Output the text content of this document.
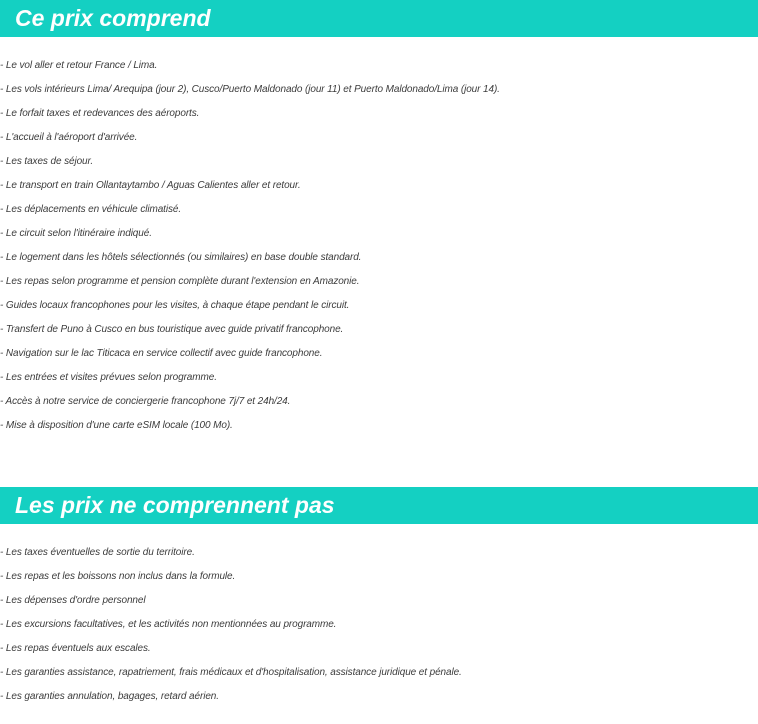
Ce prix comprend
- Le vol aller et retour France / Lima.
- Les vols intérieurs Lima/ Arequipa (jour 2), Cusco/Puerto Maldonado (jour 11) et Puerto Maldonado/Lima (jour 14).
- Le forfait taxes et redevances des aéroports.
- L'accueil à l'aéroport d'arrivée.
- Les taxes de séjour.
- Le transport en train Ollantaytambo / Aguas Calientes aller et retour.
- Les déplacements en véhicule climatisé.
- Le circuit selon l'itinéraire indiqué.
- Le logement dans les hôtels sélectionnés (ou similaires) en base double standard.
- Les repas selon programme et pension complète durant l'extension en Amazonie.
- Guides locaux francophones pour les visites, à chaque étape pendant le circuit.
- Transfert de Puno à Cusco en bus touristique avec guide privatif francophone.
- Navigation sur le lac Titicaca en service collectif avec guide francophone.
- Les entrées et visites prévues selon programme.
- Accès à notre service de conciergerie francophone 7j/7 et 24h/24.
- Mise à disposition d'une carte eSIM locale (100 Mo).
Les prix ne comprennent pas
- Les taxes éventuelles de sortie du territoire.
- Les repas et les boissons non inclus dans la formule.
- Les dépenses d'ordre personnel
- Les excursions facultatives, et les activités non mentionnées au programme.
- Les repas éventuels aux escales.
- Les garanties assistance, rapatriement, frais médicaux et d'hospitalisation, assistance juridique et pénale.
- Les garanties annulation, bagages, retard aérien.
